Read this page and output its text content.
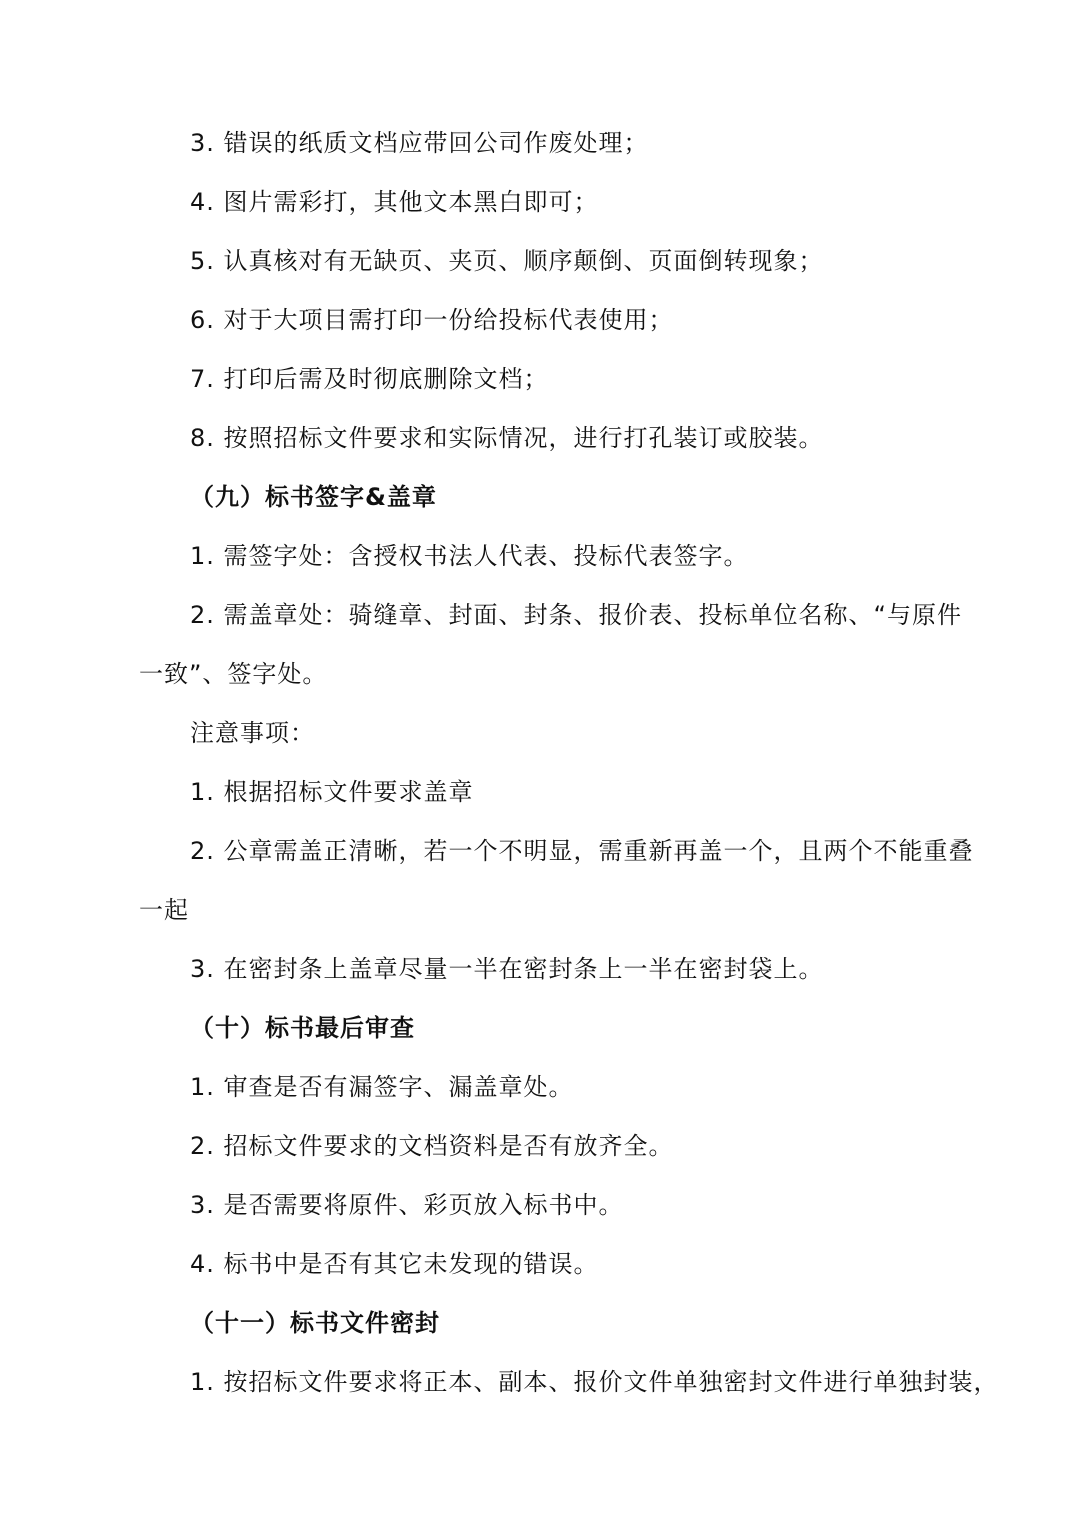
3. 错误的纸质文档应带回公司作废处理；
4. 图片需彩打，其他文本黑白即可；
5. 认真核对有无缺页、夹页、顺序颠倒、页面倒转现象；
6. 对于大项目需打印一份给投标代表使用；
7. 打印后需及时彻底删除文档；
8. 按照招标文件要求和实际情况，进行打孔装订或胶装。
（九）标书签字&盖章
1. 需签字处：含授权书法人代表、投标代表签字。
2. 需盖章处：骑缝章、封面、封条、报价表、投标单位名称、“与原件
一致”、签字处。
注意事项：
1. 根据招标文件要求盖章
2. 公章需盖正清晰，若一个不明显，需重新再盖一个，且两个不能重叠
一起
3. 在密封条上盖章尽量一半在密封条上一半在密封袋上。
（十）标书最后审查
1. 审查是否有漏签字、漏盖章处。
2. 招标文件要求的文档资料是否有放齐全。
3. 是否需要将原件、彩页放入标书中。
4. 标书中是否有其它未发现的错误。
（十一）标书文件密封
1. 按招标文件要求将正本、副本、报价文件单独密封文件进行单独封装，
